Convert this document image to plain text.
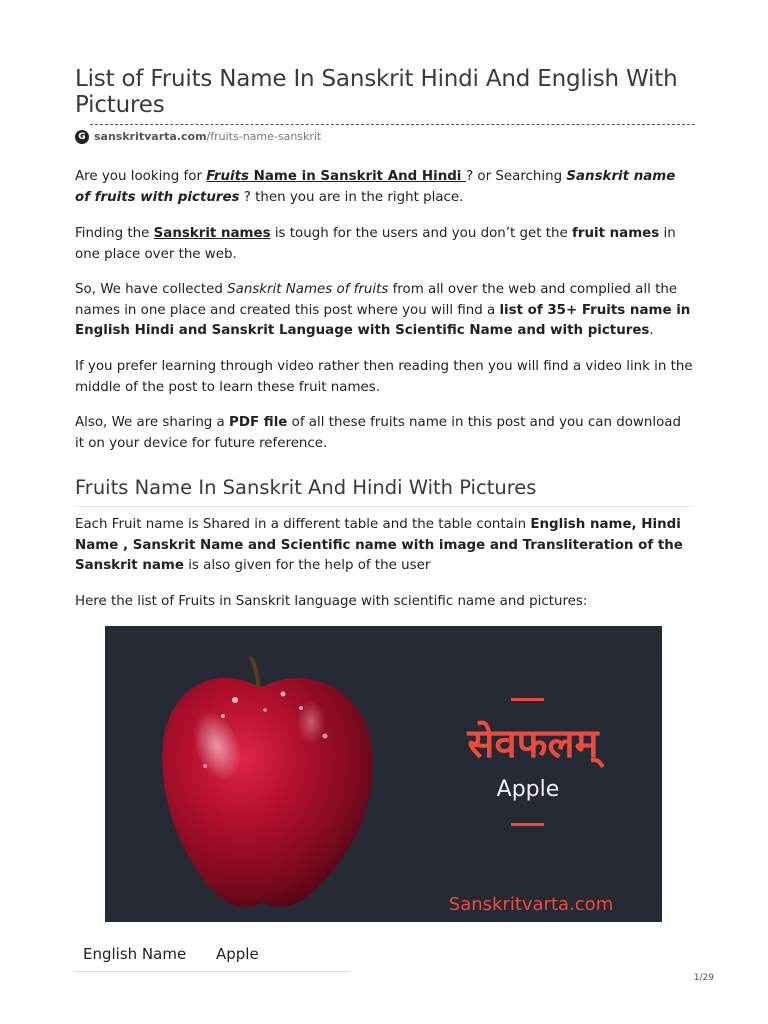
List of Fruits Name In Sanskrit Hindi And English With Pictures
G sanskritvarta.com /fruits-name-sanskrit

Are you looking for Fruits Name in Sanskrit And Hindi ? or Searching Sanskrit name of fruits with pictures ? then you are in the right place.

Finding the Sanskrit names is tough for the users and you don’t get the fruit names in one place over the web.

So, We have collected Sanskrit Names of fruits from all over the web and complied all the names in one place and created this post where you will find a list of 35+ Fruits name in English Hindi and Sanskrit Language with Scientific Name and with pictures.

If you prefer learning through video rather then reading then you will find a video link in the middle of the post to learn these fruit names.

Also, We are sharing a PDF file of all these fruits name in this post and you can download it on your device for future reference.

Fruits Name In Sanskrit And Hindi With Pictures

Each Fruit name is Shared in a different table and the table contain English name, Hindi Name , Sanskrit Name and Scientific name with image and Transliteration of the Sanskrit name is also given for the help of the user

Here the list of Fruits in Sanskrit language with scientific name and pictures:

सेवफलम्
Apple
Sanskritvarta.com
English Name Apple
1/29
